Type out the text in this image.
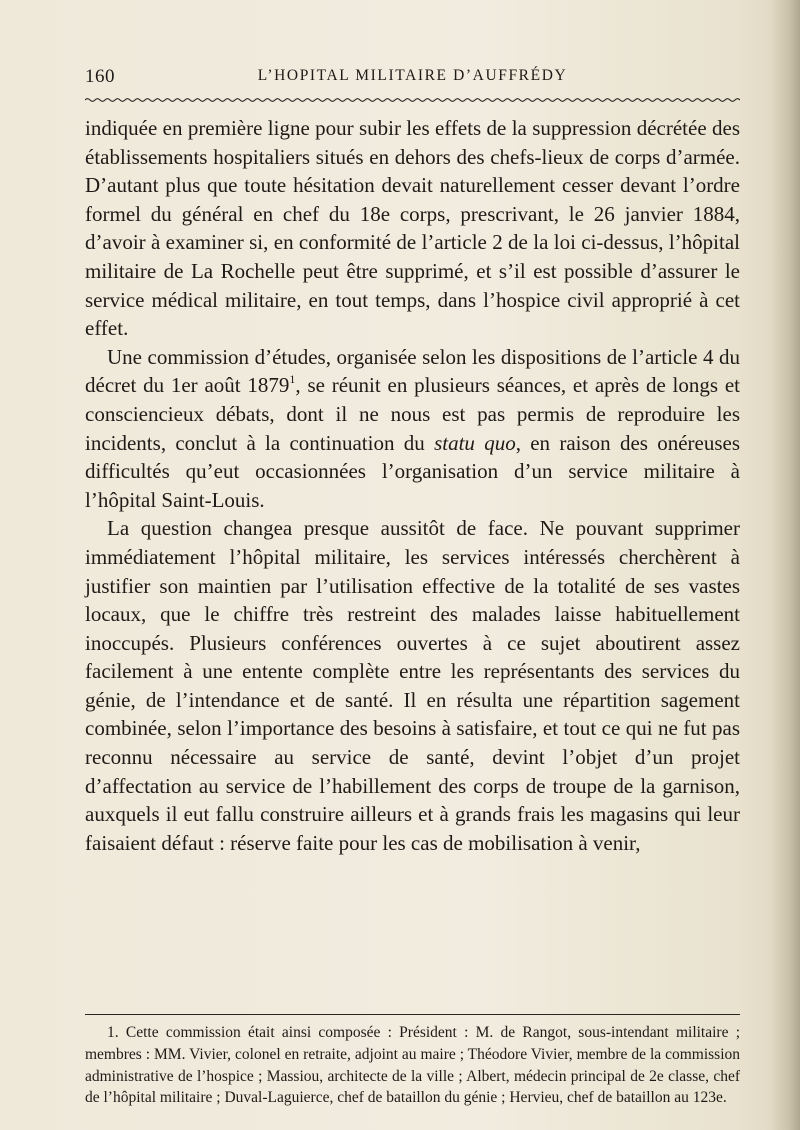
160	L’HOPITAL MILITAIRE D’AUFFRÉDY

indiquée en première ligne pour subir les effets de la suppression décrétée des établissements hospitaliers situés en dehors des chefs-lieux de corps d’armée. D’autant plus que toute hésitation devait naturellement cesser devant l’ordre formel du général en chef du 18e corps, prescrivant, le 26 janvier 1884, d’avoir à examiner si, en conformité de l’article 2 de la loi ci-dessus, l’hôpital militaire de La Rochelle peut être supprimé, et s’il est possible d’assurer le service médical militaire, en tout temps, dans l’hospice civil approprié à cet effet.

Une commission d’études, organisée selon les dispositions de l’article 4 du décret du 1er août 1879$^1$, se réunit en plusieurs séances, et après de longs et consciencieux débats, dont il ne nous est pas permis de reproduire les incidents, conclut à la continuation du statu quo, en raison des onéreuses difficultés qu’eut occasionnées l’organisation d’un service militaire à l’hôpital Saint-Louis.

La question changea presque aussitôt de face. Ne pouvant supprimer immédiatement l’hôpital militaire, les services intéressés cherchèrent à justifier son maintien par l’utilisation effective de la totalité de ses vastes locaux, que le chiffre très restreint des malades laisse habituellement inoccupés. Plusieurs conférences ouvertes à ce sujet aboutirent assez facilement à une entente complète entre les représentants des services du génie, de l’intendance et de santé. Il en résulta une répartition sagement combinée, selon l’importance des besoins à satisfaire, et tout ce qui ne fut pas reconnu nécessaire au service de santé, devint l’objet d’un projet d’affectation au service de l’habillement des corps de troupe de la garnison, auxquels il eut fallu construire ailleurs et à grands frais les magasins qui leur faisaient défaut : réserve faite pour les cas de mobilisation à venir,

1. Cette commission était ainsi composée : Président : M. de Rangot, sous-intendant militaire ; membres : MM. Vivier, colonel en retraite, adjoint au maire ; Théodore Vivier, membre de la commission administrative de l’hospice ; Massiou, architecte de la ville ; Albert, médecin principal de 2e classe, chef de l’hôpital militaire ; Duval-Laguierce, chef de bataillon du génie ; Hervieu, chef de bataillon au 123e.
